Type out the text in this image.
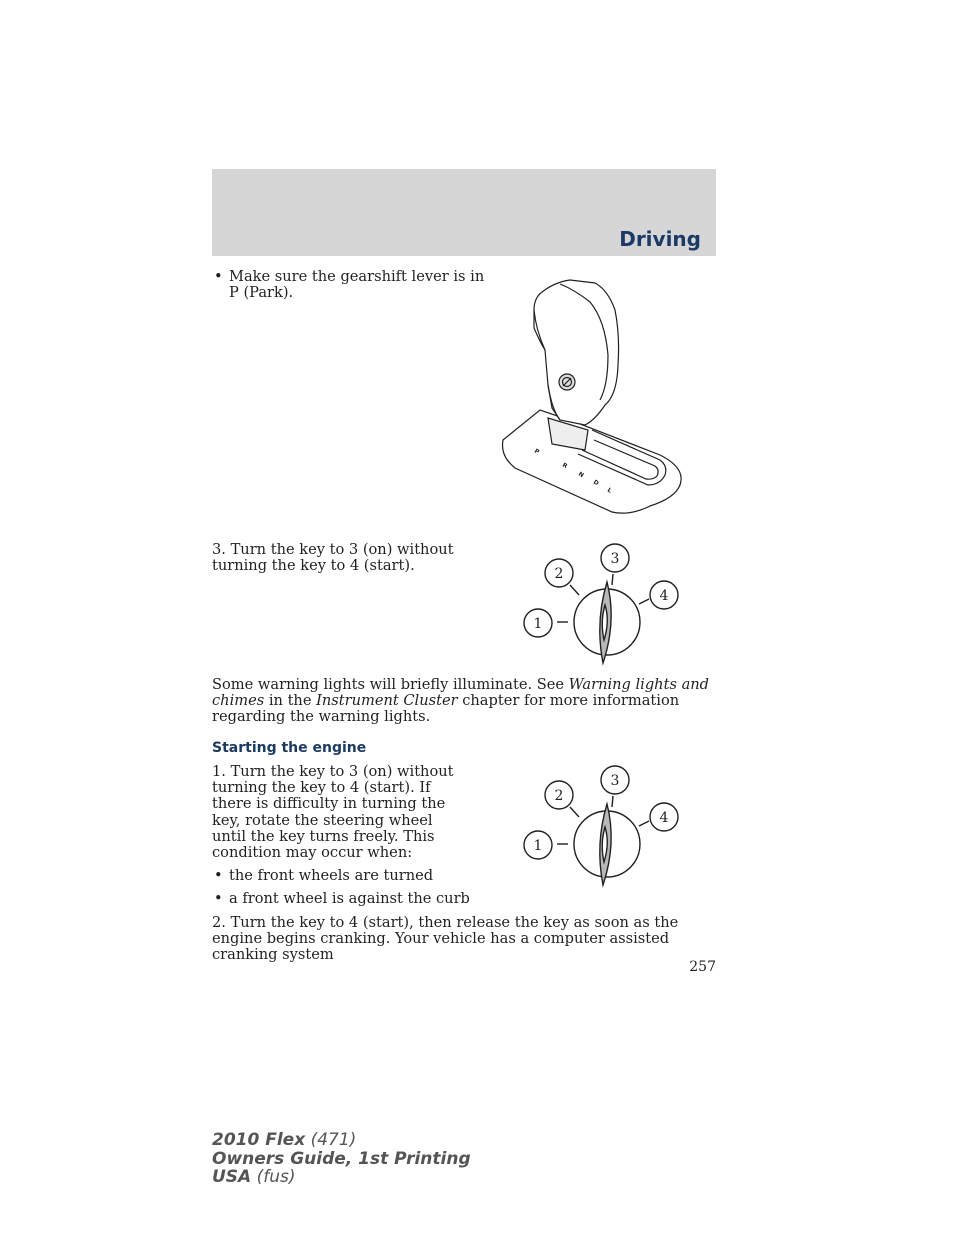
Driving
• Make sure the gearshift lever is in P (Park).
P
R
N
D
L
3. Turn the key to 3 (on) without turning the key to 4 (start).
1
2
3
4
Some warning lights will briefly illuminate. See Warning lights and chimes in the Instrument Cluster chapter for more information regarding the warning lights.
Starting the engine
1. Turn the key to 3 (on) without turning the key to 4 (start). If there is difficulty in turning the key, rotate the steering wheel until the key turns freely. This condition may occur when:
• the front wheels are turned
• a front wheel is against the curb
1
2
3
4
2. Turn the key to 4 (start), then release the key as soon as the engine begins cranking. Your vehicle has a computer assisted cranking system
257
2010 Flex (471)
Owners Guide, 1st Printing
USA (fus)
